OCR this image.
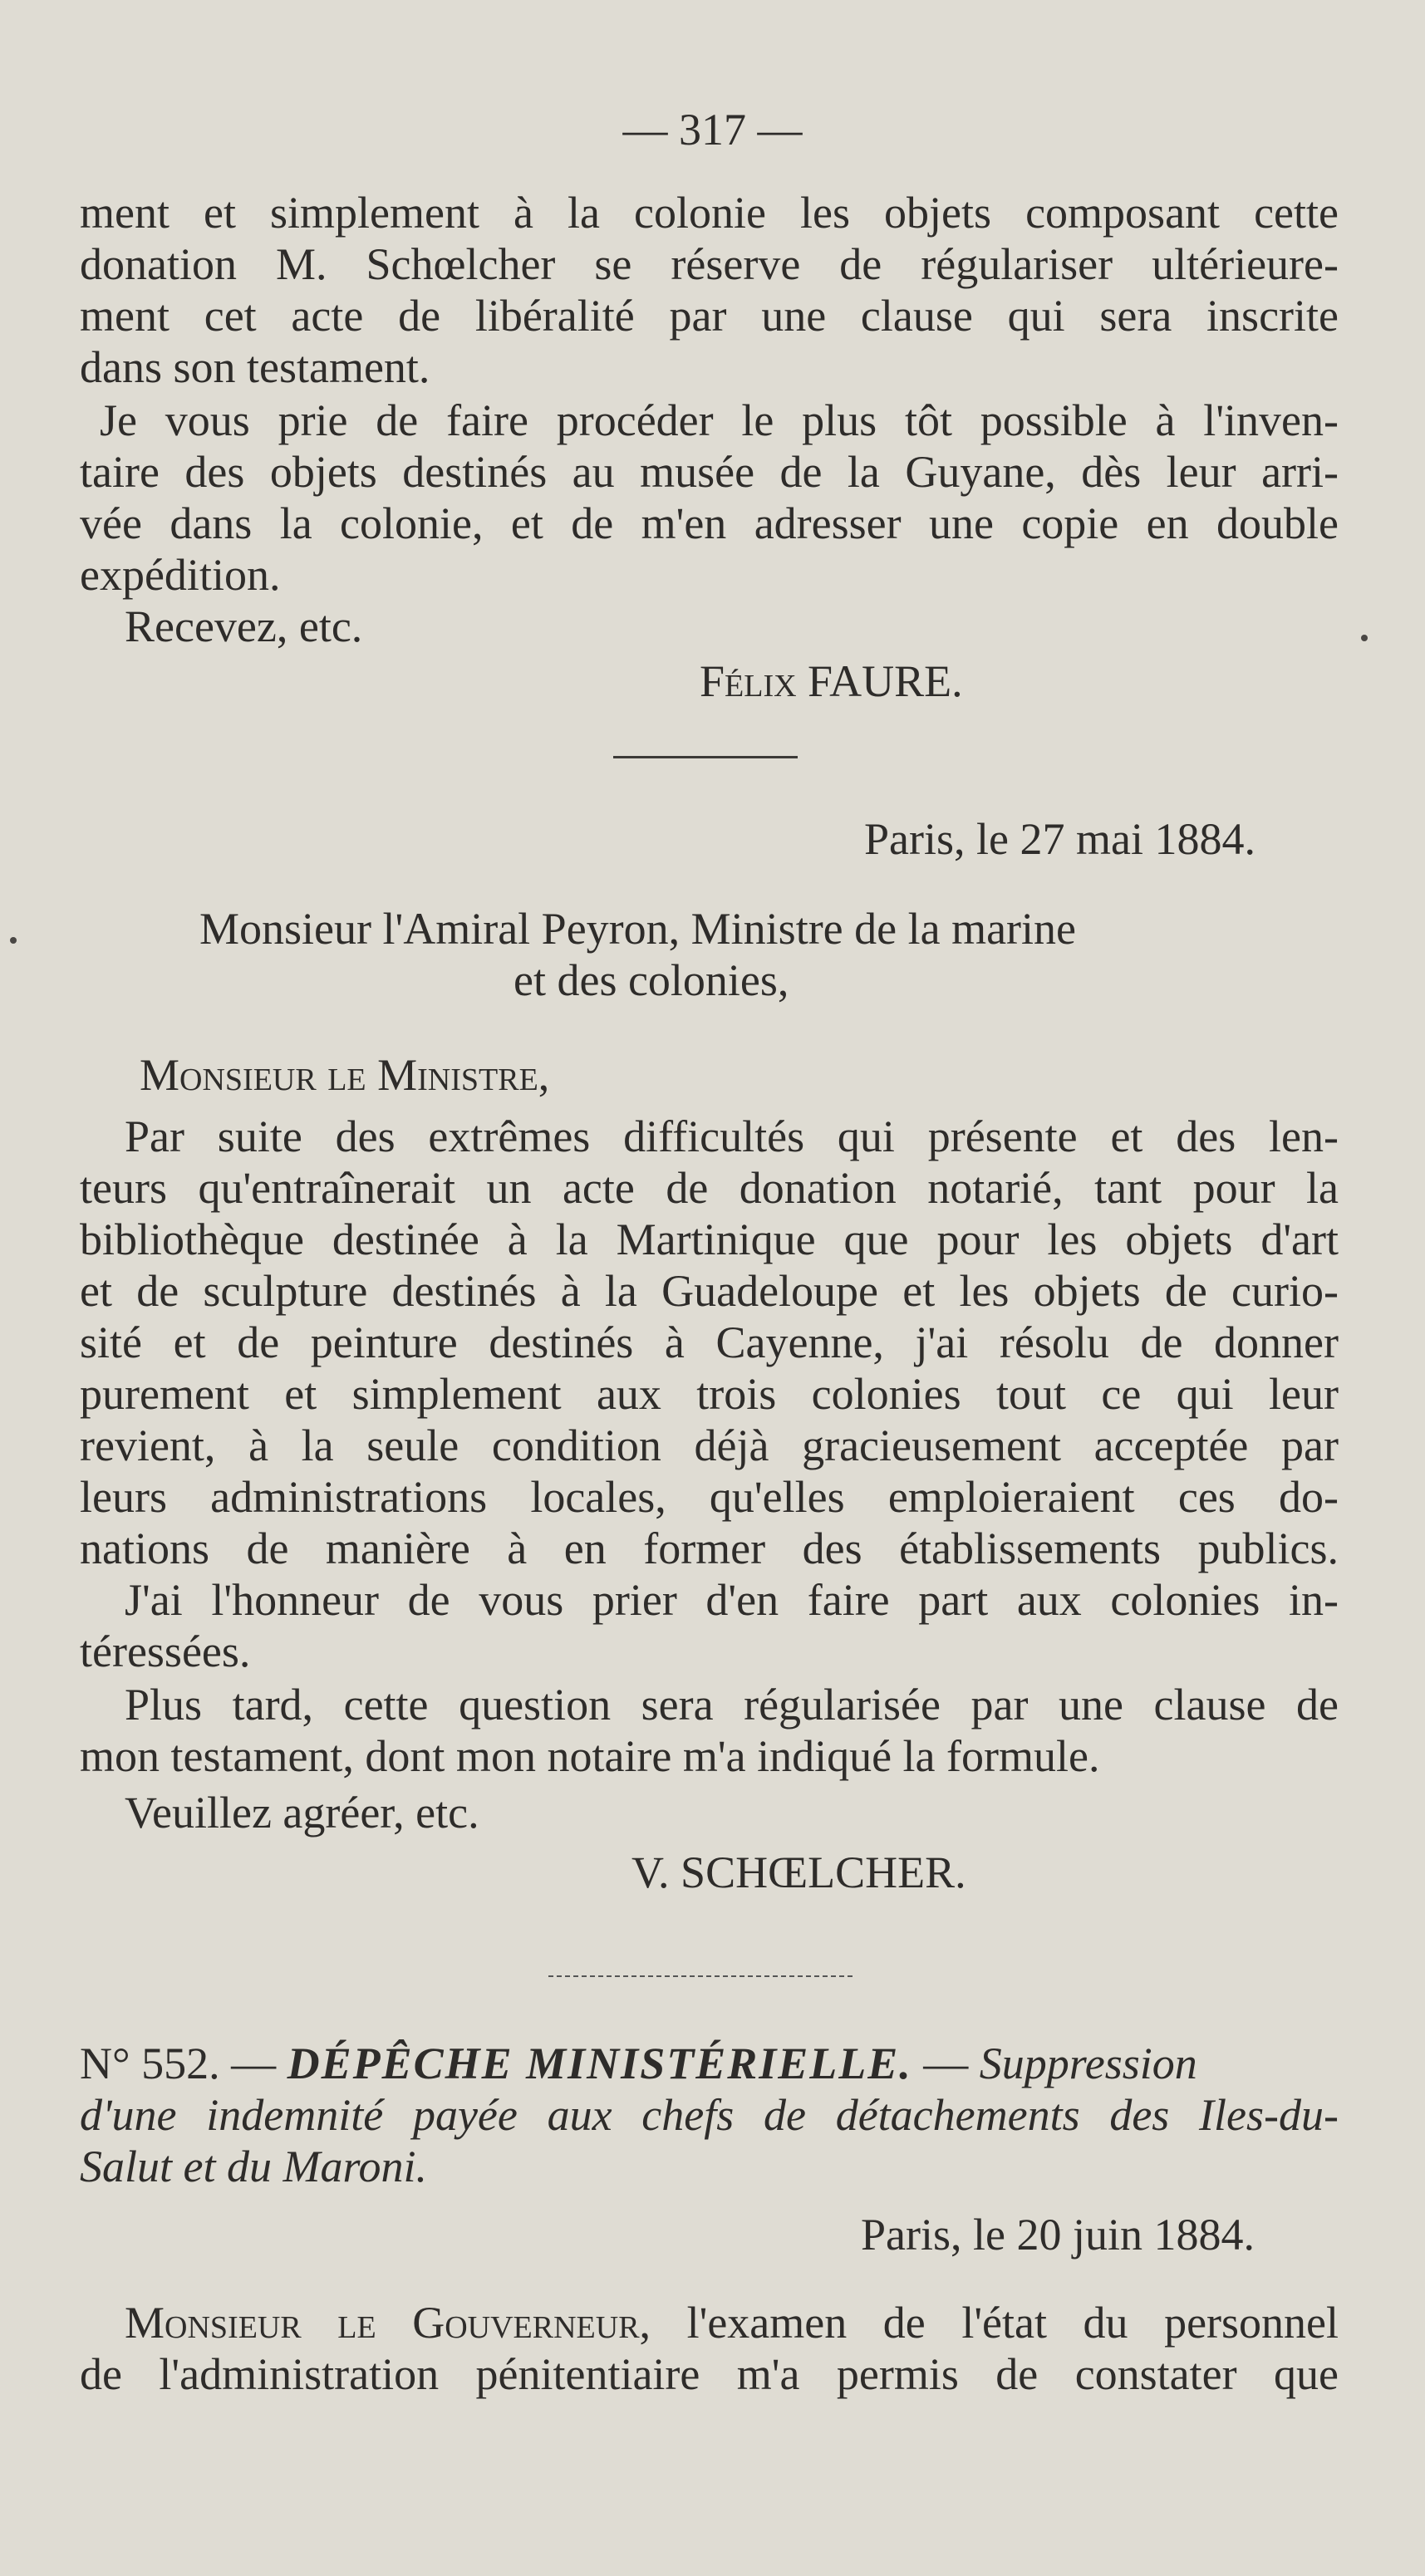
— 317 —
ment et simplement à la colonie les objets composant cette
donation M. Schœlcher se réserve de régulariser ultérieure-
ment cet acte de libéralité par une clause qui sera inscrite
dans son testament.
Je vous prie de faire procéder le plus tôt possible à l'inven-
taire des objets destinés au musée de la Guyane, dès leur arri-
vée dans la colonie, et de m'en adresser une copie en double
expédition.
Recevez, etc.
Félix FAURE.
Paris, le 27 mai 1884.
Monsieur l'Amiral Peyron, Ministre de la marine
et des colonies,
Monsieur le Ministre,
Par suite des extrêmes difficultés qui présente et des len-
teurs qu'entraînerait un acte de donation notarié, tant pour la
bibliothèque destinée à la Martinique que pour les objets d'art
et de sculpture destinés à la Guadeloupe et les objets de curio-
sité et de peinture destinés à Cayenne, j'ai résolu de donner
purement et simplement aux trois colonies tout ce qui leur
revient, à la seule condition déjà gracieusement acceptée par
leurs administrations locales, qu'elles emploieraient ces do-
nations de manière à en former des établissements publics.
J'ai l'honneur de vous prier d'en faire part aux colonies in-
téressées.
Plus tard, cette question sera régularisée par une clause de
mon testament, dont mon notaire m'a indiqué la formule.
Veuillez agréer, etc.
V. SCHŒLCHER.
N° 552. — DÉPÊCHE MINISTÉRIELLE. — Suppression
d'une indemnité payée aux chefs de détachements des Iles-du-
Salut et du Maroni.
Paris, le 20 juin 1884.
Monsieur le Gouverneur, l'examen de l'état du personnel
de l'administration pénitentiaire m'a permis de constater que
